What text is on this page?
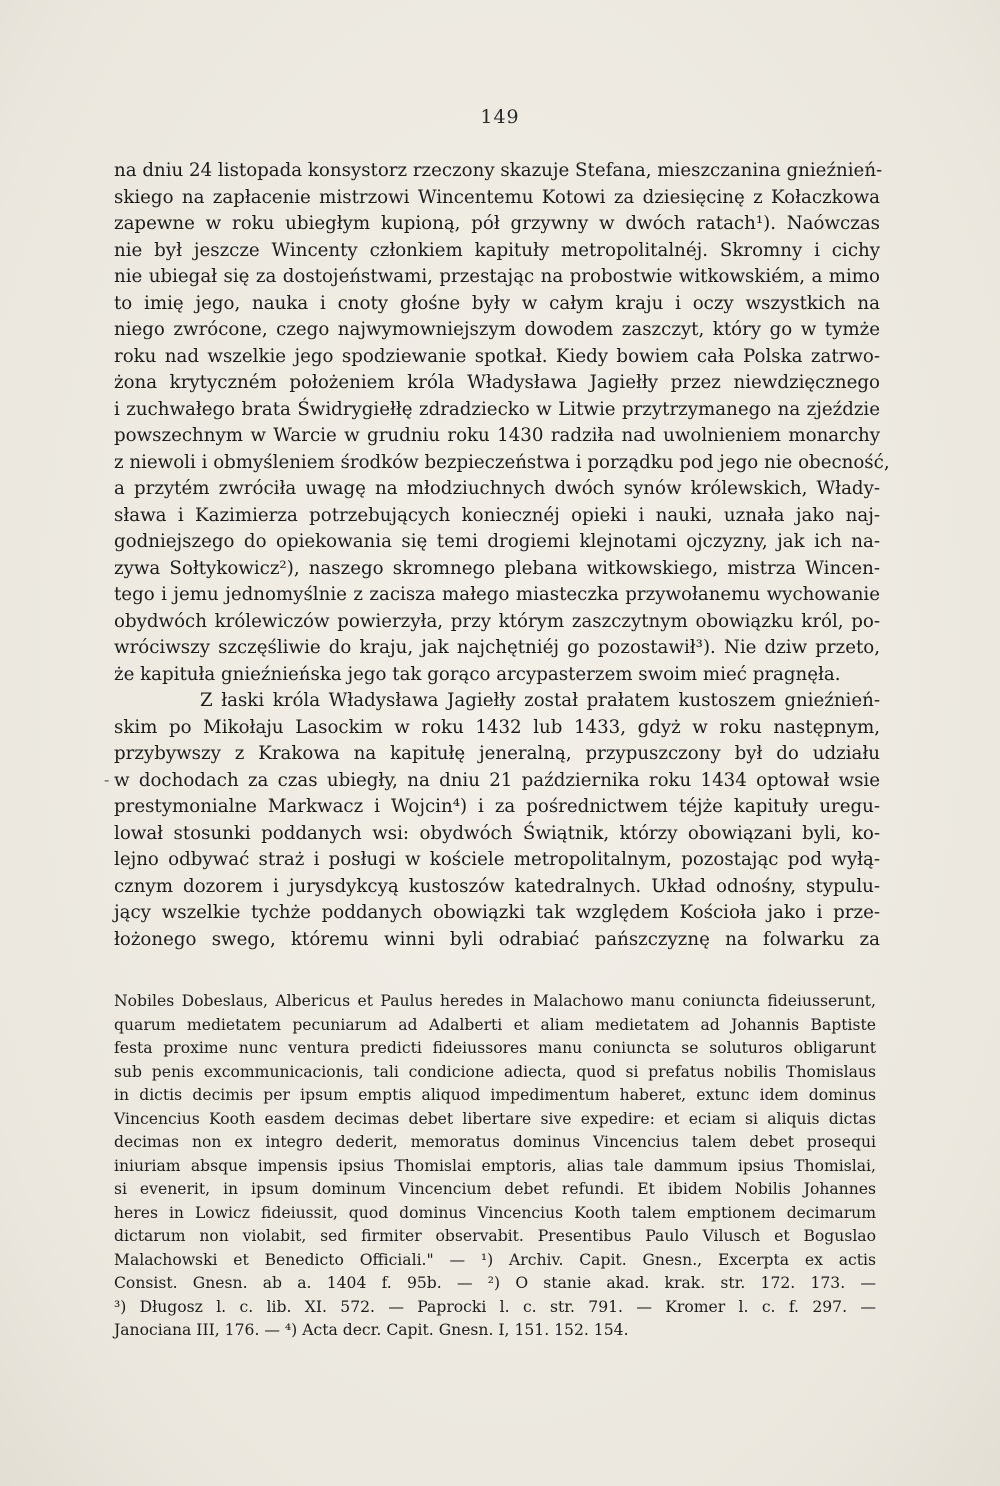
149
-
na dniu 24 listopada konsystorz rzeczony skazuje Stefana, mieszczanina gnieźnień-
skiego na zapłacenie mistrzowi Wincentemu Kotowi za dziesięcinę z Kołaczkowa
zapewne w roku ubiegłym kupioną, pół grzywny w dwóch ratach¹). Naówczas
nie był jeszcze Wincenty członkiem kapituły metropolitalnéj. Skromny i cichy
nie ubiegał się za dostojeństwami, przestając na probostwie witkowskiém, a mimo
to imię jego, nauka i cnoty głośne były w całym kraju i oczy wszystkich na
niego zwrócone, czego najwymowniejszym dowodem zaszczyt, który go w tymże
roku nad wszelkie jego spodziewanie spotkał. Kiedy bowiem cała Polska zatrwo-
żona krytyczném położeniem króla Władysława Jagiełły przez niewdzięcznego
i zuchwałego brata Świdrygiełłę zdradziecko w Litwie przytrzymanego na zjeździe
powszechnym w Warcie w grudniu roku 1430 radziła nad uwolnieniem monarchy
z niewoli i obmyśleniem środków bezpieczeństwa i porządku pod jego nie obecność,
a przytém zwróciła uwagę na młodziuchnych dwóch synów królewskich, Włady-
sława i Kazimierza potrzebujących koniecznéj opieki i nauki, uznała jako naj-
godniejszego do opiekowania się temi drogiemi klejnotami ojczyzny, jak ich na-
zywa Sołtykowicz²), naszego skromnego plebana witkowskiego, mistrza Wincen-
tego i jemu jednomyślnie z zacisza małego miasteczka przywołanemu wychowanie
obydwóch królewiczów powierzyła, przy którym zaszczytnym obowiązku król, po-
wróciwszy szczęśliwie do kraju, jak najchętniéj go pozostawił³). Nie dziw przeto,
że kapituła gnieźnieńska jego tak gorąco arcypasterzem swoim mieć pragnęła.
Z łaski króla Władysława Jagiełły został prałatem kustoszem gnieźnień-
skim po Mikołaju Lasockim w roku 1432 lub 1433, gdyż w roku następnym,
przybywszy z Krakowa na kapitułę jeneralną, przypuszczony był do udziału
w dochodach za czas ubiegły, na dniu 21 października roku 1434 optował wsie
prestymonialne Markwacz i Wojcin⁴) i za pośrednictwem téjże kapituły uregu-
lował stosunki poddanych wsi: obydwóch Świątnik, którzy obowiązani byli, ko-
lejno odbywać straż i posługi w kościele metropolitalnym, pozostając pod wyłą-
cznym dozorem i jurysdykcyą kustoszów katedralnych. Układ odnośny, stypulu-
jący wszelkie tychże poddanych obowiązki tak względem Kościoła jako i prze-
łożonego swego, któremu winni byli odrabiać pańszczyznę na folwarku za
Nobiles Dobeslaus, Albericus et Paulus heredes in Malachowo manu coniuncta fideiusserunt,
quarum medietatem pecuniarum ad Adalberti et aliam medietatem ad Johannis Baptiste
festa proxime nunc ventura predicti fideiussores manu coniuncta se soluturos obligarunt
sub penis excommunicacionis, tali condicione adiecta, quod si prefatus nobilis Thomislaus
in dictis decimis per ipsum emptis aliquod impedimentum haberet, extunc idem dominus
Vincencius Kooth easdem decimas debet libertare sive expedire: et eciam si aliquis dictas
decimas non ex integro dederit, memoratus dominus Vincencius talem debet prosequi
iniuriam absque impensis ipsius Thomislai emptoris, alias tale dammum ipsius Thomislai,
si evenerit, in ipsum dominum Vincencium debet refundi. Et ibidem Nobilis Johannes
heres in Lowicz fideiussit, quod dominus Vincencius Kooth talem emptionem decimarum
dictarum non violabit, sed firmiter observabit. Presentibus Paulo Vilusch et Boguslao
Malachowski et Benedicto Officiali." — ¹) Archiv. Capit. Gnesn., Excerpta ex actis
Consist. Gnesn. ab a. 1404 f. 95b. — ²) O stanie akad. krak. str. 172. 173. —
³) Długosz l. c. lib. XI. 572. — Paprocki l. c. str. 791. — Kromer l. c. f. 297. —
Janociana III, 176. — ⁴) Acta decr. Capit. Gnesn. I, 151. 152. 154.
